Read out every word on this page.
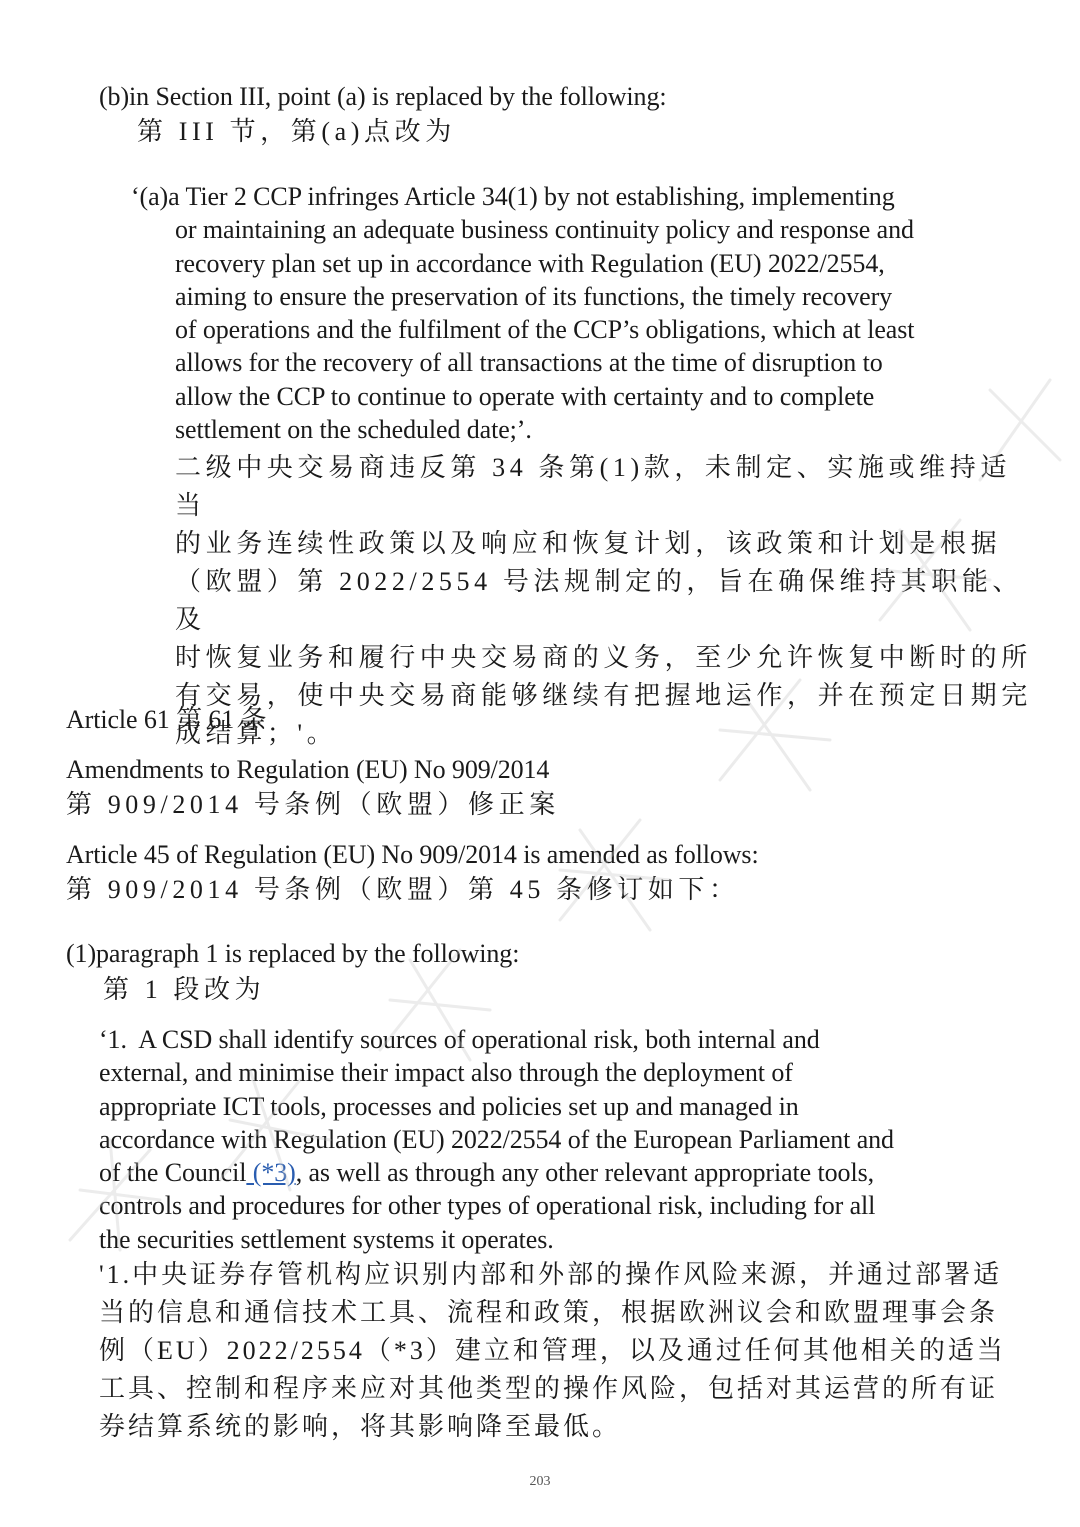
(b)in Section III, point (a) is replaced by the following:
第 III 节，第(a)点改为
‘(a)a Tier 2 CCP infringes Article 34(1) by not establishing, implementing
or maintaining an adequate business continuity policy and response and
recovery plan set up in accordance with Regulation (EU) 2022/2554,
aiming to ensure the preservation of its functions, the timely recovery
of operations and the fulfilment of the CCP’s obligations, which at least
allows for the recovery of all transactions at the time of disruption to
allow the CCP to continue to operate with certainty and to complete
settlement on the scheduled date;’.
二级中央交易商违反第 34 条第(1)款，未制定、实施或维持适当
的业务连续性政策以及响应和恢复计划，该政策和计划是根据
（欧盟）第 2022/2554 号法规制定的，旨在确保维持其职能、及
时恢复业务和履行中央交易商的义务，至少允许恢复中断时的所
有交易，使中央交易商能够继续有把握地运作，并在预定日期完
成结算；'。
Article 61 第 61 条
Amendments to Regulation (EU) No 909/2014
第 909/2014 号条例（欧盟）修正案
Article 45 of Regulation (EU) No 909/2014 is amended as follows:
第 909/2014 号条例（欧盟）第 45 条修订如下：
(1)paragraph 1 is replaced by the following:
第 1 段改为
‘1.  A CSD shall identify sources of operational risk, both internal and
external, and minimise their impact also through the deployment of
appropriate ICT tools, processes and policies set up and managed in
accordance with Regulation (EU) 2022/2554 of the European Parliament and
of the Council (*3), as well as through any other relevant appropriate tools,
controls and procedures for other types of operational risk, including for all
the securities settlement systems it operates.
'1.中央证券存管机构应识别内部和外部的操作风险来源，并通过部署适
当的信息和通信技术工具、流程和政策，根据欧洲议会和欧盟理事会条
例（EU）2022/2554（*3）建立和管理，以及通过任何其他相关的适当
工具、控制和程序来应对其他类型的操作风险，包括对其运营的所有证
券结算系统的影响，将其影响降至最低。
203
